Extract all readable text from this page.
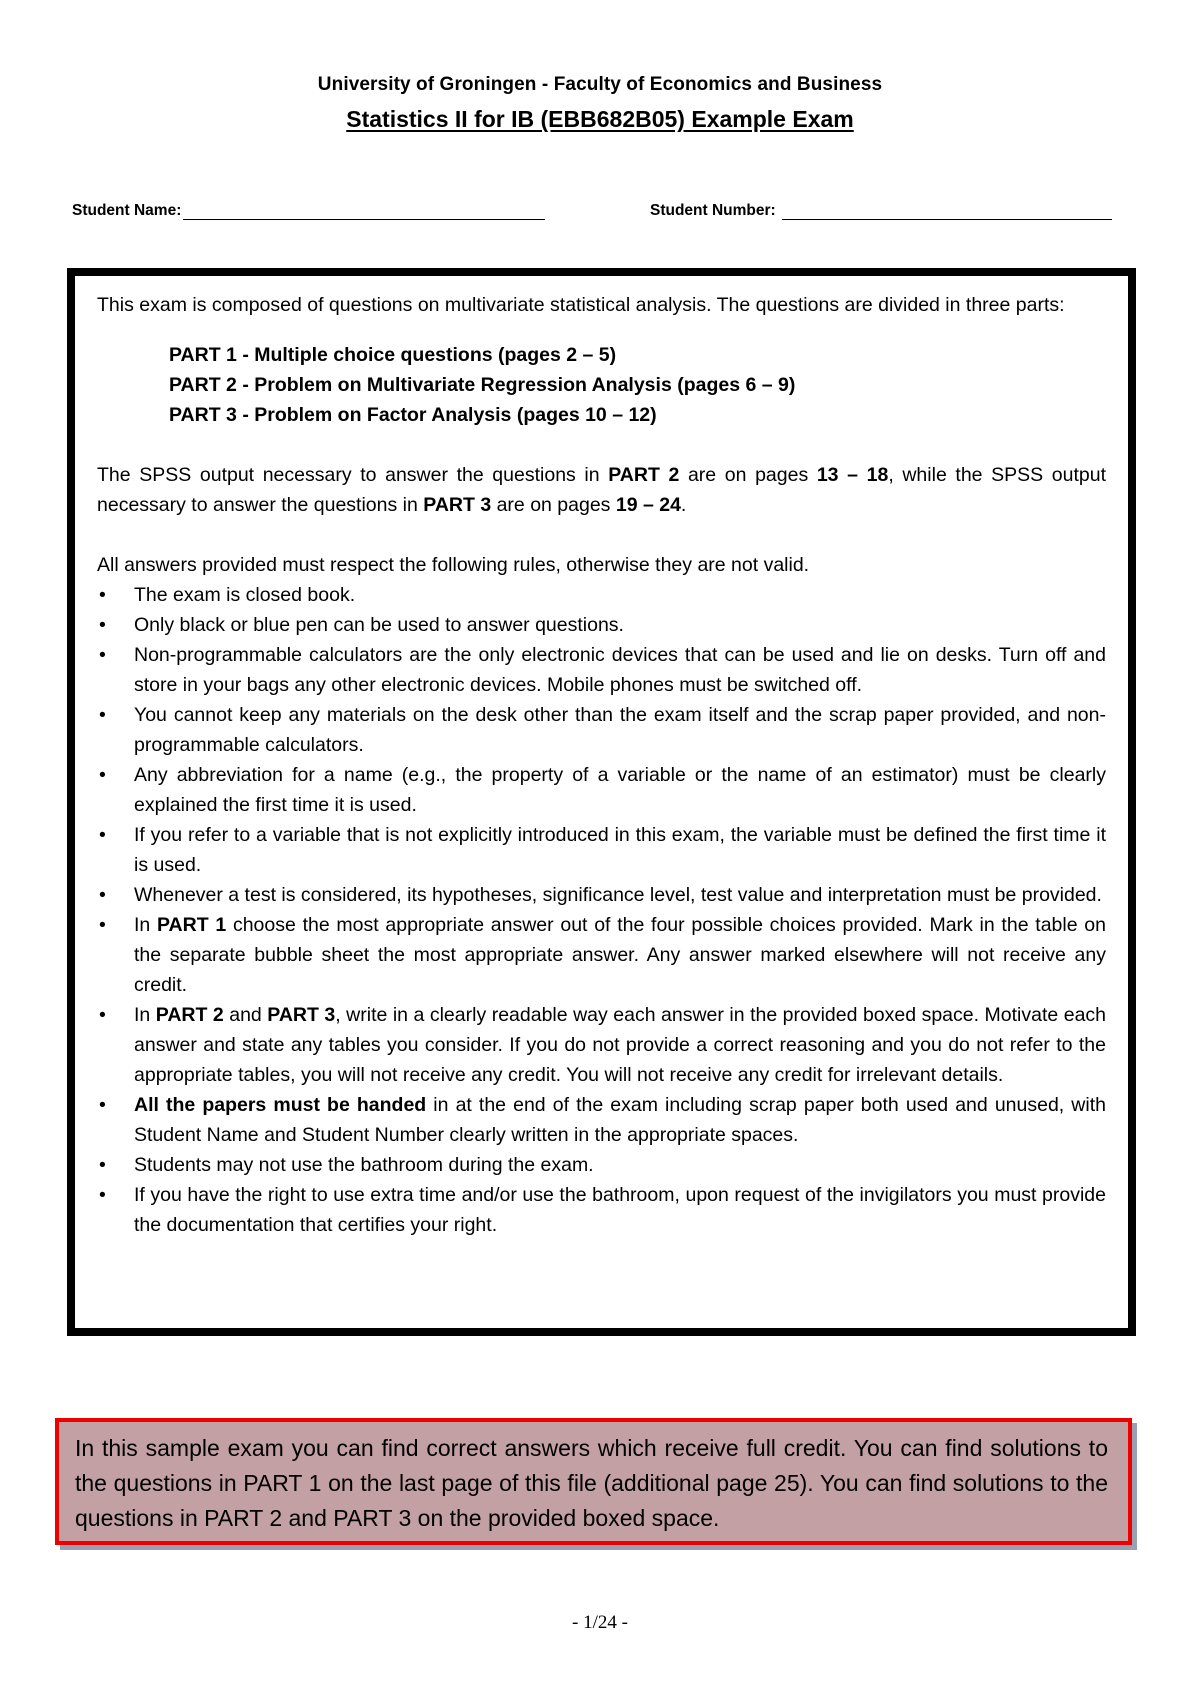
University of Groningen - Faculty of Economics and Business
Statistics II for IB (EBB682B05) Example Exam
Student Name:	Student Number:

This exam is composed of questions on multivariate statistical analysis. The questions are divided in three parts:

PART 1 - Multiple choice questions (pages 2 – 5)
PART 2 - Problem on Multivariate Regression Analysis (pages 6 – 9)
PART 3 - Problem on Factor Analysis (pages 10 – 12)

The SPSS output necessary to answer the questions in PART 2 are on pages 13 – 18, while the SPSS output necessary to answer the questions in PART 3 are on pages 19 – 24.

All answers provided must respect the following rules, otherwise they are not valid.

• The exam is closed book.
• Only black or blue pen can be used to answer questions.
• Non-programmable calculators are the only electronic devices that can be used and lie on desks. Turn off and store in your bags any other electronic devices. Mobile phones must be switched off.
• You cannot keep any materials on the desk other than the exam itself and the scrap paper provided, and non-programmable calculators.
• Any abbreviation for a name (e.g., the property of a variable or the name of an estimator) must be clearly explained the first time it is used.
• If you refer to a variable that is not explicitly introduced in this exam, the variable must be defined the first time it is used.
• Whenever a test is considered, its hypotheses, significance level, test value and interpretation must be provided.
• In PART 1 choose the most appropriate answer out of the four possible choices provided. Mark in the table on the separate bubble sheet the most appropriate answer. Any answer marked elsewhere will not receive any credit.
• In PART 2 and PART 3, write in a clearly readable way each answer in the provided boxed space. Motivate each answer and state any tables you consider. If you do not provide a correct reasoning and you do not refer to the appropriate tables, you will not receive any credit. You will not receive any credit for irrelevant details.
• All the papers must be handed in at the end of the exam including scrap paper both used and unused, with Student Name and Student Number clearly written in the appropriate spaces.
• Students may not use the bathroom during the exam.
• If you have the right to use extra time and/or use the bathroom, upon request of the invigilators you must provide the documentation that certifies your right.
In this sample exam you can find correct answers which receive full credit. You can find solutions to the questions in PART 1 on the last page of this file (additional page 25). You can find solutions to the questions in PART 2 and PART 3 on the provided boxed space.
- 1/24 -
